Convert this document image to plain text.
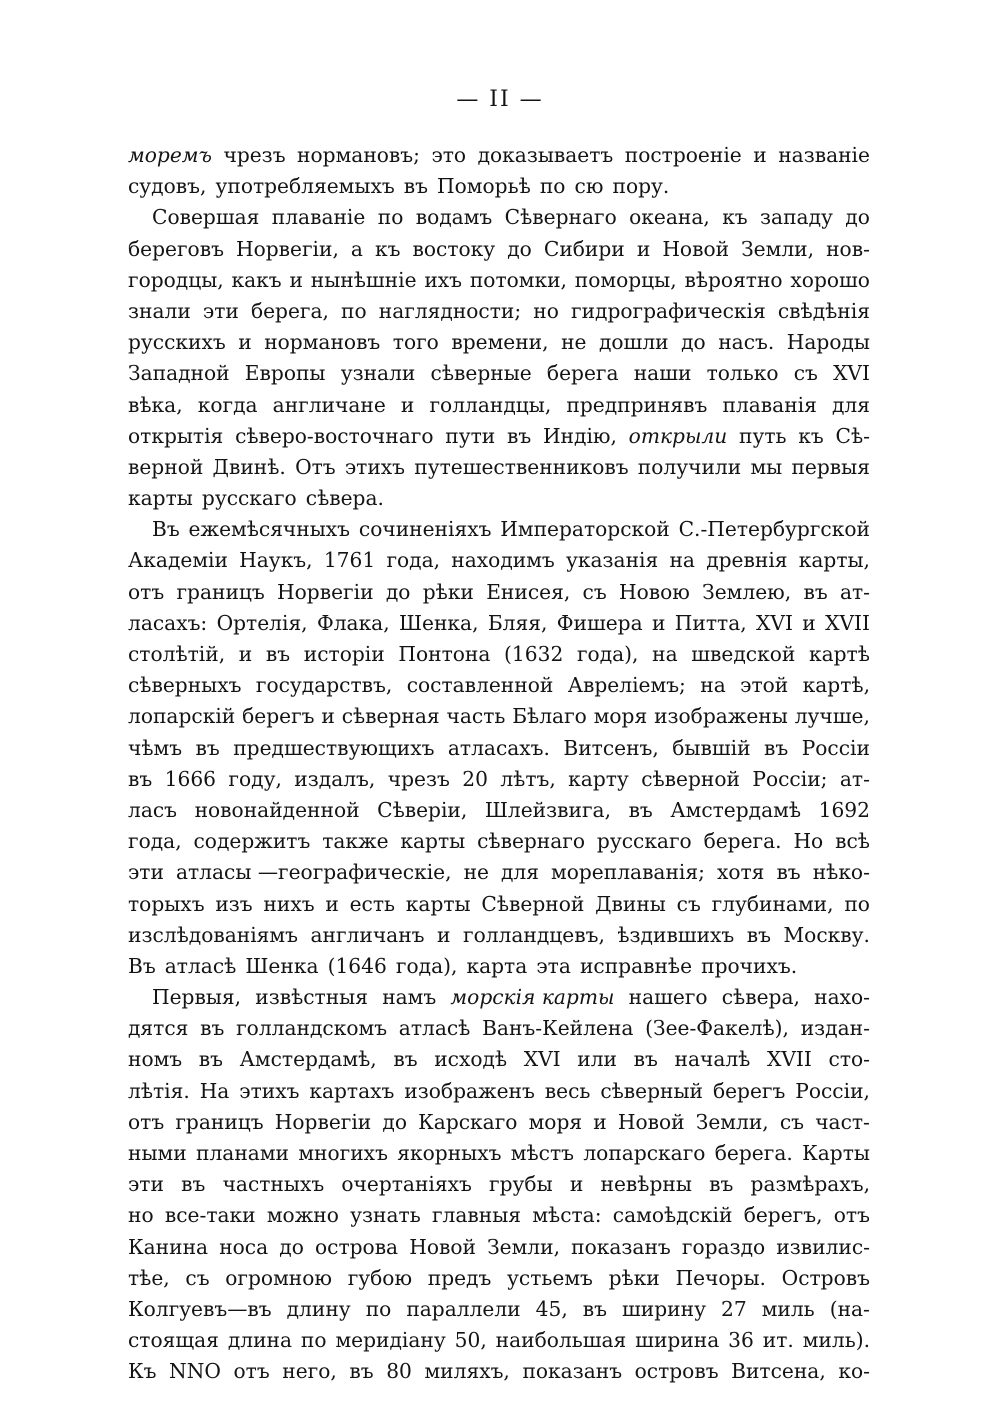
— II —
моремъ чрезъ нормановъ; это доказываетъ построеніе и названіе
судовъ, употребляемыхъ въ Поморьѣ по сю пору.
Совершая плаваніе по водамъ Сѣвернаго океана, къ западу до
береговъ Норвегіи, а къ востоку до Сибири и Новой Земли, нов-
городцы, какъ и нынѣшніе ихъ потомки, поморцы, вѣроятно хорошо
знали эти берега, по наглядности; но гидрографическія свѣдѣнія
русскихъ и нормановъ того времени, не дошли до насъ. Народы
Западной Европы узнали сѣверные берега наши только съ XVI
вѣка, когда англичане и голландцы, предпринявъ плаванія для
открытія сѣверо-восточнаго пути въ Индію, открыли путь къ Сѣ-
верной Двинѣ. Отъ этихъ путешественниковъ получили мы первыя
карты русскаго сѣвера.
Въ ежемѣсячныхъ сочиненіяхъ Императорской С.-Петербургской
Академіи Наукъ, 1761 года, находимъ указанія на древнія карты,
отъ границъ Норвегіи до рѣки Енисея, съ Новою Землею, въ ат-
ласахъ: Ортелія, Флака, Шенка, Бляя, Фишера и Питта, XVI и XVII
столѣтій, и въ исторіи Понтона (1632 года), на шведской картѣ
сѣверныхъ государствъ, составленной Авреліемъ; на этой картѣ,
лопарскій берегъ и сѣверная часть Бѣлаго моря изображены лучше,
чѣмъ въ предшествующихъ атласахъ. Витсенъ, бывшій въ Россіи
въ 1666 году, издалъ, чрезъ 20 лѣтъ, карту сѣверной Россіи; ат-
ласъ новонайденной Сѣверіи, Шлейзвига, въ Амстердамѣ 1692
года, содержитъ также карты сѣвернаго русскаго берега. Но всѣ
эти атласы —географическіе, не для мореплаванія; хотя въ нѣко-
торыхъ изъ нихъ и есть карты Сѣверной Двины съ глубинами, по
изслѣдованіямъ англичанъ и голландцевъ, ѣздившихъ въ Москву.
Въ атласѣ Шенка (1646 года), карта эта исправнѣе прочихъ.
Первыя, извѣстныя намъ морскія карты нашего сѣвера, нахо-
дятся въ голландскомъ атласѣ Ванъ-Кейлена (Зее-Факелѣ), издан-
номъ въ Амстердамѣ, въ исходѣ XVI или въ началѣ XVII сто-
лѣтія. На этихъ картахъ изображенъ весь сѣверный берегъ Россіи,
отъ границъ Норвегіи до Карскаго моря и Новой Земли, съ част-
ными планами многихъ якорныхъ мѣстъ лопарскаго берега. Карты
эти въ частныхъ очертаніяхъ грубы и невѣрны въ размѣрахъ,
но все-таки можно узнать главныя мѣста: самоѣдскій берегъ, отъ
Канина носа до острова Новой Земли, показанъ гораздо извилис-
тѣе, съ огромною губою предъ устьемъ рѣки Печоры. Островъ
Колгуевъ—въ длину по параллели 45, въ ширину 27 миль (на-
стоящая длина по меридіану 50, наибольшая ширина 36 ит. миль).
Къ NNO отъ него, въ 80 миляхъ, показанъ островъ Витсена, ко-
